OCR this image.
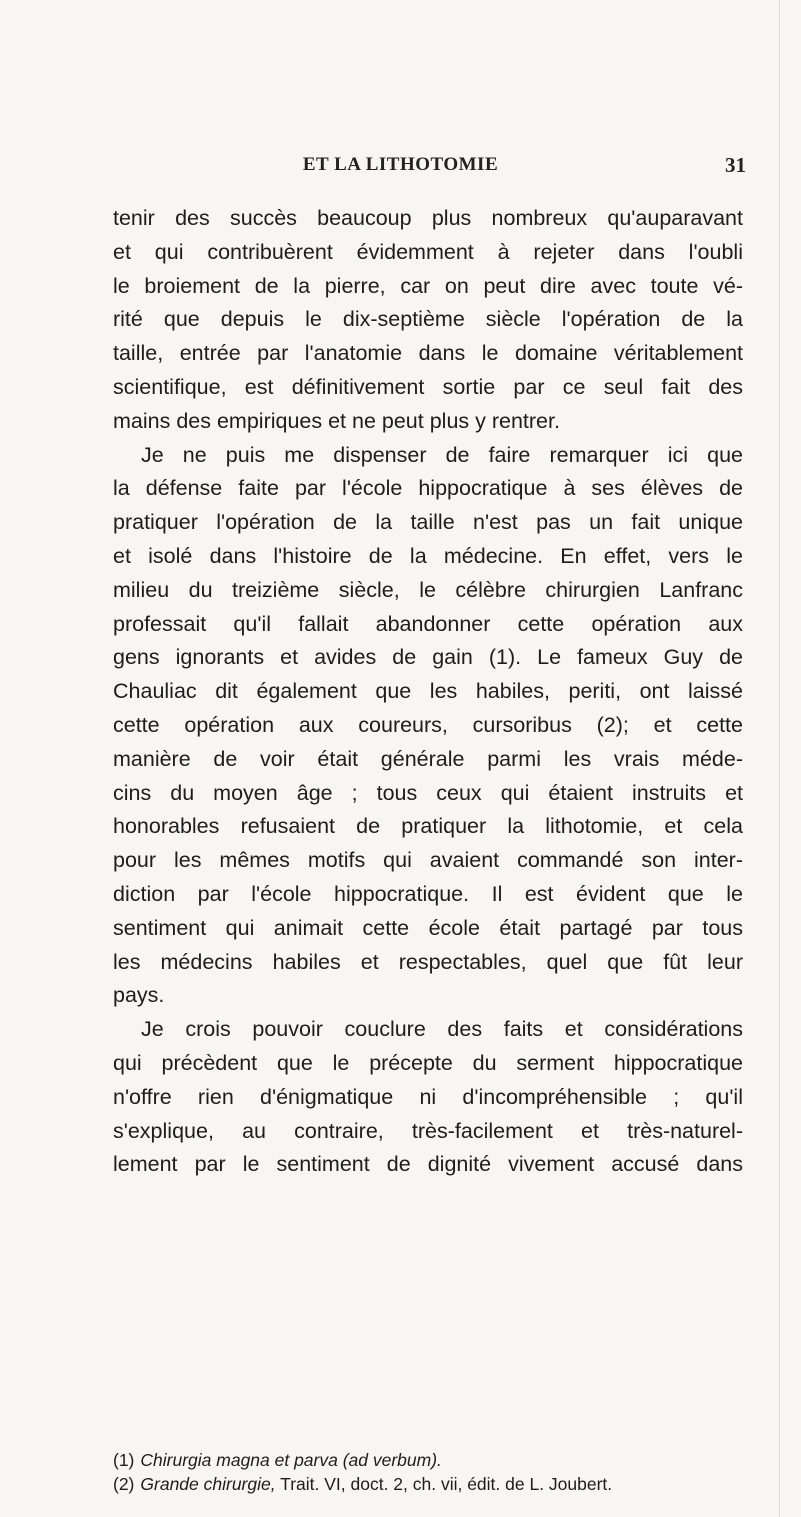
ET LA LITHOTOMIE	31
tenir des succès beaucoup plus nombreux qu'auparavant
et qui contribuèrent évidemment à rejeter dans l'oubli
le broiement de la pierre, car on peut dire avec toute vé-
rité que depuis le dix-septième siècle l'opération de la
taille, entrée par l'anatomie dans le domaine véritablement
scientifique, est définitivement sortie par ce seul fait des
mains des empiriques et ne peut plus y rentrer.
Je ne puis me dispenser de faire remarquer ici que
la défense faite par l'école hippocratique à ses élèves de
pratiquer l'opération de la taille n'est pas un fait unique
et isolé dans l'histoire de la médecine. En effet, vers le
milieu du treizième siècle, le célèbre chirurgien Lanfranc
professait qu'il fallait abandonner cette opération aux
gens ignorants et avides de gain (1). Le fameux Guy de
Chauliac dit également que les habiles, periti, ont laissé
cette opération aux coureurs, cursoribus (2); et cette
manière de voir était générale parmi les vrais méde-
cins du moyen âge ; tous ceux qui étaient instruits et
honorables refusaient de pratiquer la lithotomie, et cela
pour les mêmes motifs qui avaient commandé son inter-
diction par l'école hippocratique. Il est évident que le
sentiment qui animait cette école était partagé par tous
les médecins habiles et respectables, quel que fût leur
pays.
Je crois pouvoir couclure des faits et considérations
qui précèdent que le précepte du serment hippocratique
n'offre rien d'énigmatique ni d'incompréhensible ; qu'il
s'explique, au contraire, très-facilement et très-naturel-
lement par le sentiment de dignité vivement accusé dans
(1) Chirurgia magna et parva (ad verbum).
(2) Grande chirurgie, Trait. VI, doct. 2, ch. vii, édit. de L. Joubert.
